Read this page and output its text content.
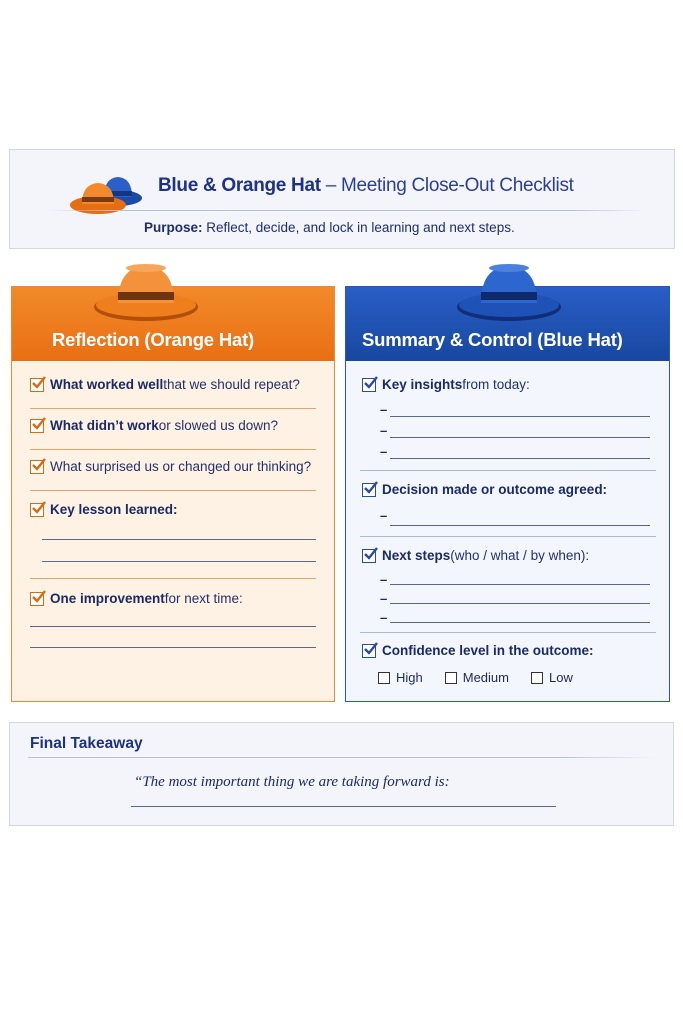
Blue & Orange Hat – Meeting Close-Out Checklist
Purpose: Reflect, decide, and lock in learning and next steps.
Reflection (Orange Hat)
What worked well that we should repeat?
What didn’t work or slowed us down?
What surprised us or changed our thinking?
Key lesson learned:
One improvement for next time:
Summary & Control (Blue Hat)
Key insights from today:
–
–
–
Decision made or outcome agreed:
–
Next steps (who / what / by when):
–
–
–
Confidence level in the outcome:
High	Medium	Low
Final Takeaway
“The most important thing we are taking forward is:
